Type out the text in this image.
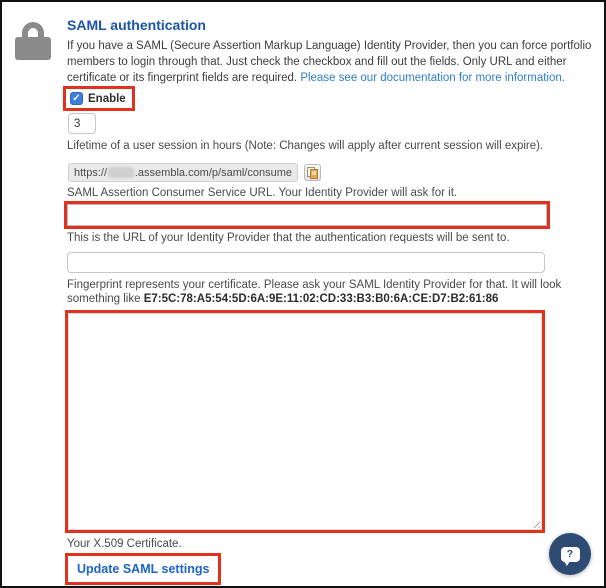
SAML authentication
If you have a SAML (Secure Assertion Markup Language) Identity Provider, then you can force portfolio members to login through that. Just check the checkbox and fill out the fields. Only URL and either certificate or its fingerprint fields are required. Please see our documentation for more information.
✓ Enable
3
Lifetime of a user session in hours (Note: Changes will apply after current session will expire).
https://	.assembla.com/p/saml/consume
SAML Assertion Consumer Service URL. Your Identity Provider will ask for it.
This is the URL of your Identity Provider that the authentication requests will be sent to.
Fingerprint represents your certificate. Please ask your SAML Identity Provider for that. It will look something like E7:5C:78:A5:54:5D:6A:9E:11:02:CD:33:B3:B0:6A:CE:D7:B2:61:86
Your X.509 Certificate.
Update SAML settings
?
